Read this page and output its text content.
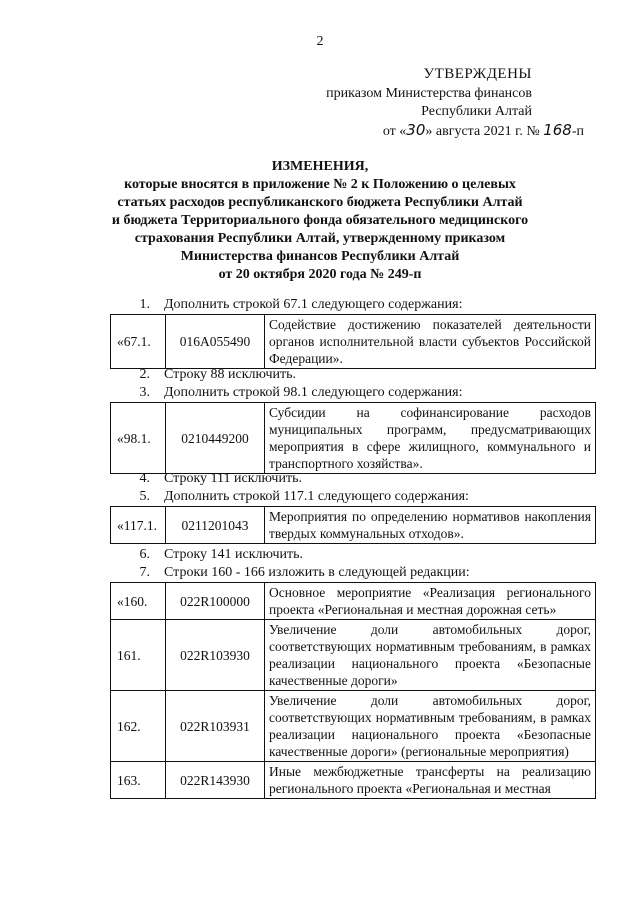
2
УТВЕРЖДЕНЫ
приказом Министерства финансов
Республики Алтай
от «30» августа 2021 г. № 168-п
ИЗМЕНЕНИЯ,
которые вносятся в приложение № 2 к Положению о целевых
статьях расходов республиканского бюджета Республики Алтай
и бюджета Территориального фонда обязательного медицинского
страхования Республики Алтай, утвержденному приказом
Министерства финансов Республики Алтай
от 20 октября 2020 года № 249-п
1. Дополнить строкой 67.1 следующего содержания:
«67.1.	016A055490	Содействие достижению показателей деятельности органов исполнительной власти субъектов Российской Федерации».
2. Строку 88 исключить.
3. Дополнить строкой 98.1 следующего содержания:
«98.1.	0210449200	Субсидии на софинансирование расходов муниципальных программ, предусматривающих мероприятия в сфере жилищного, коммунального и транспортного хозяйства».
4. Строку 111 исключить.
5. Дополнить строкой 117.1 следующего содержания:
«117.1.	0211201043	Мероприятия по определению нормативов накопления твердых коммунальных отходов».
6. Строку 141 исключить.
7. Строки 160 - 166 изложить в следующей редакции:
«160.	022R100000	Основное мероприятие «Реализация регионального проекта «Региональная и местная дорожная сеть»
161.	022R103930	Увеличение доли автомобильных дорог, соответствующих нормативным требованиям, в рамках реализации национального проекта «Безопасные качественные дороги»
162.	022R103931	Увеличение доли автомобильных дорог, соответствующих нормативным требованиям, в рамках реализации национального проекта «Безопасные качественные дороги» (региональные мероприятия)
163.	022R143930	Иные межбюджетные трансферты на реализацию регионального проекта «Региональная и местная
